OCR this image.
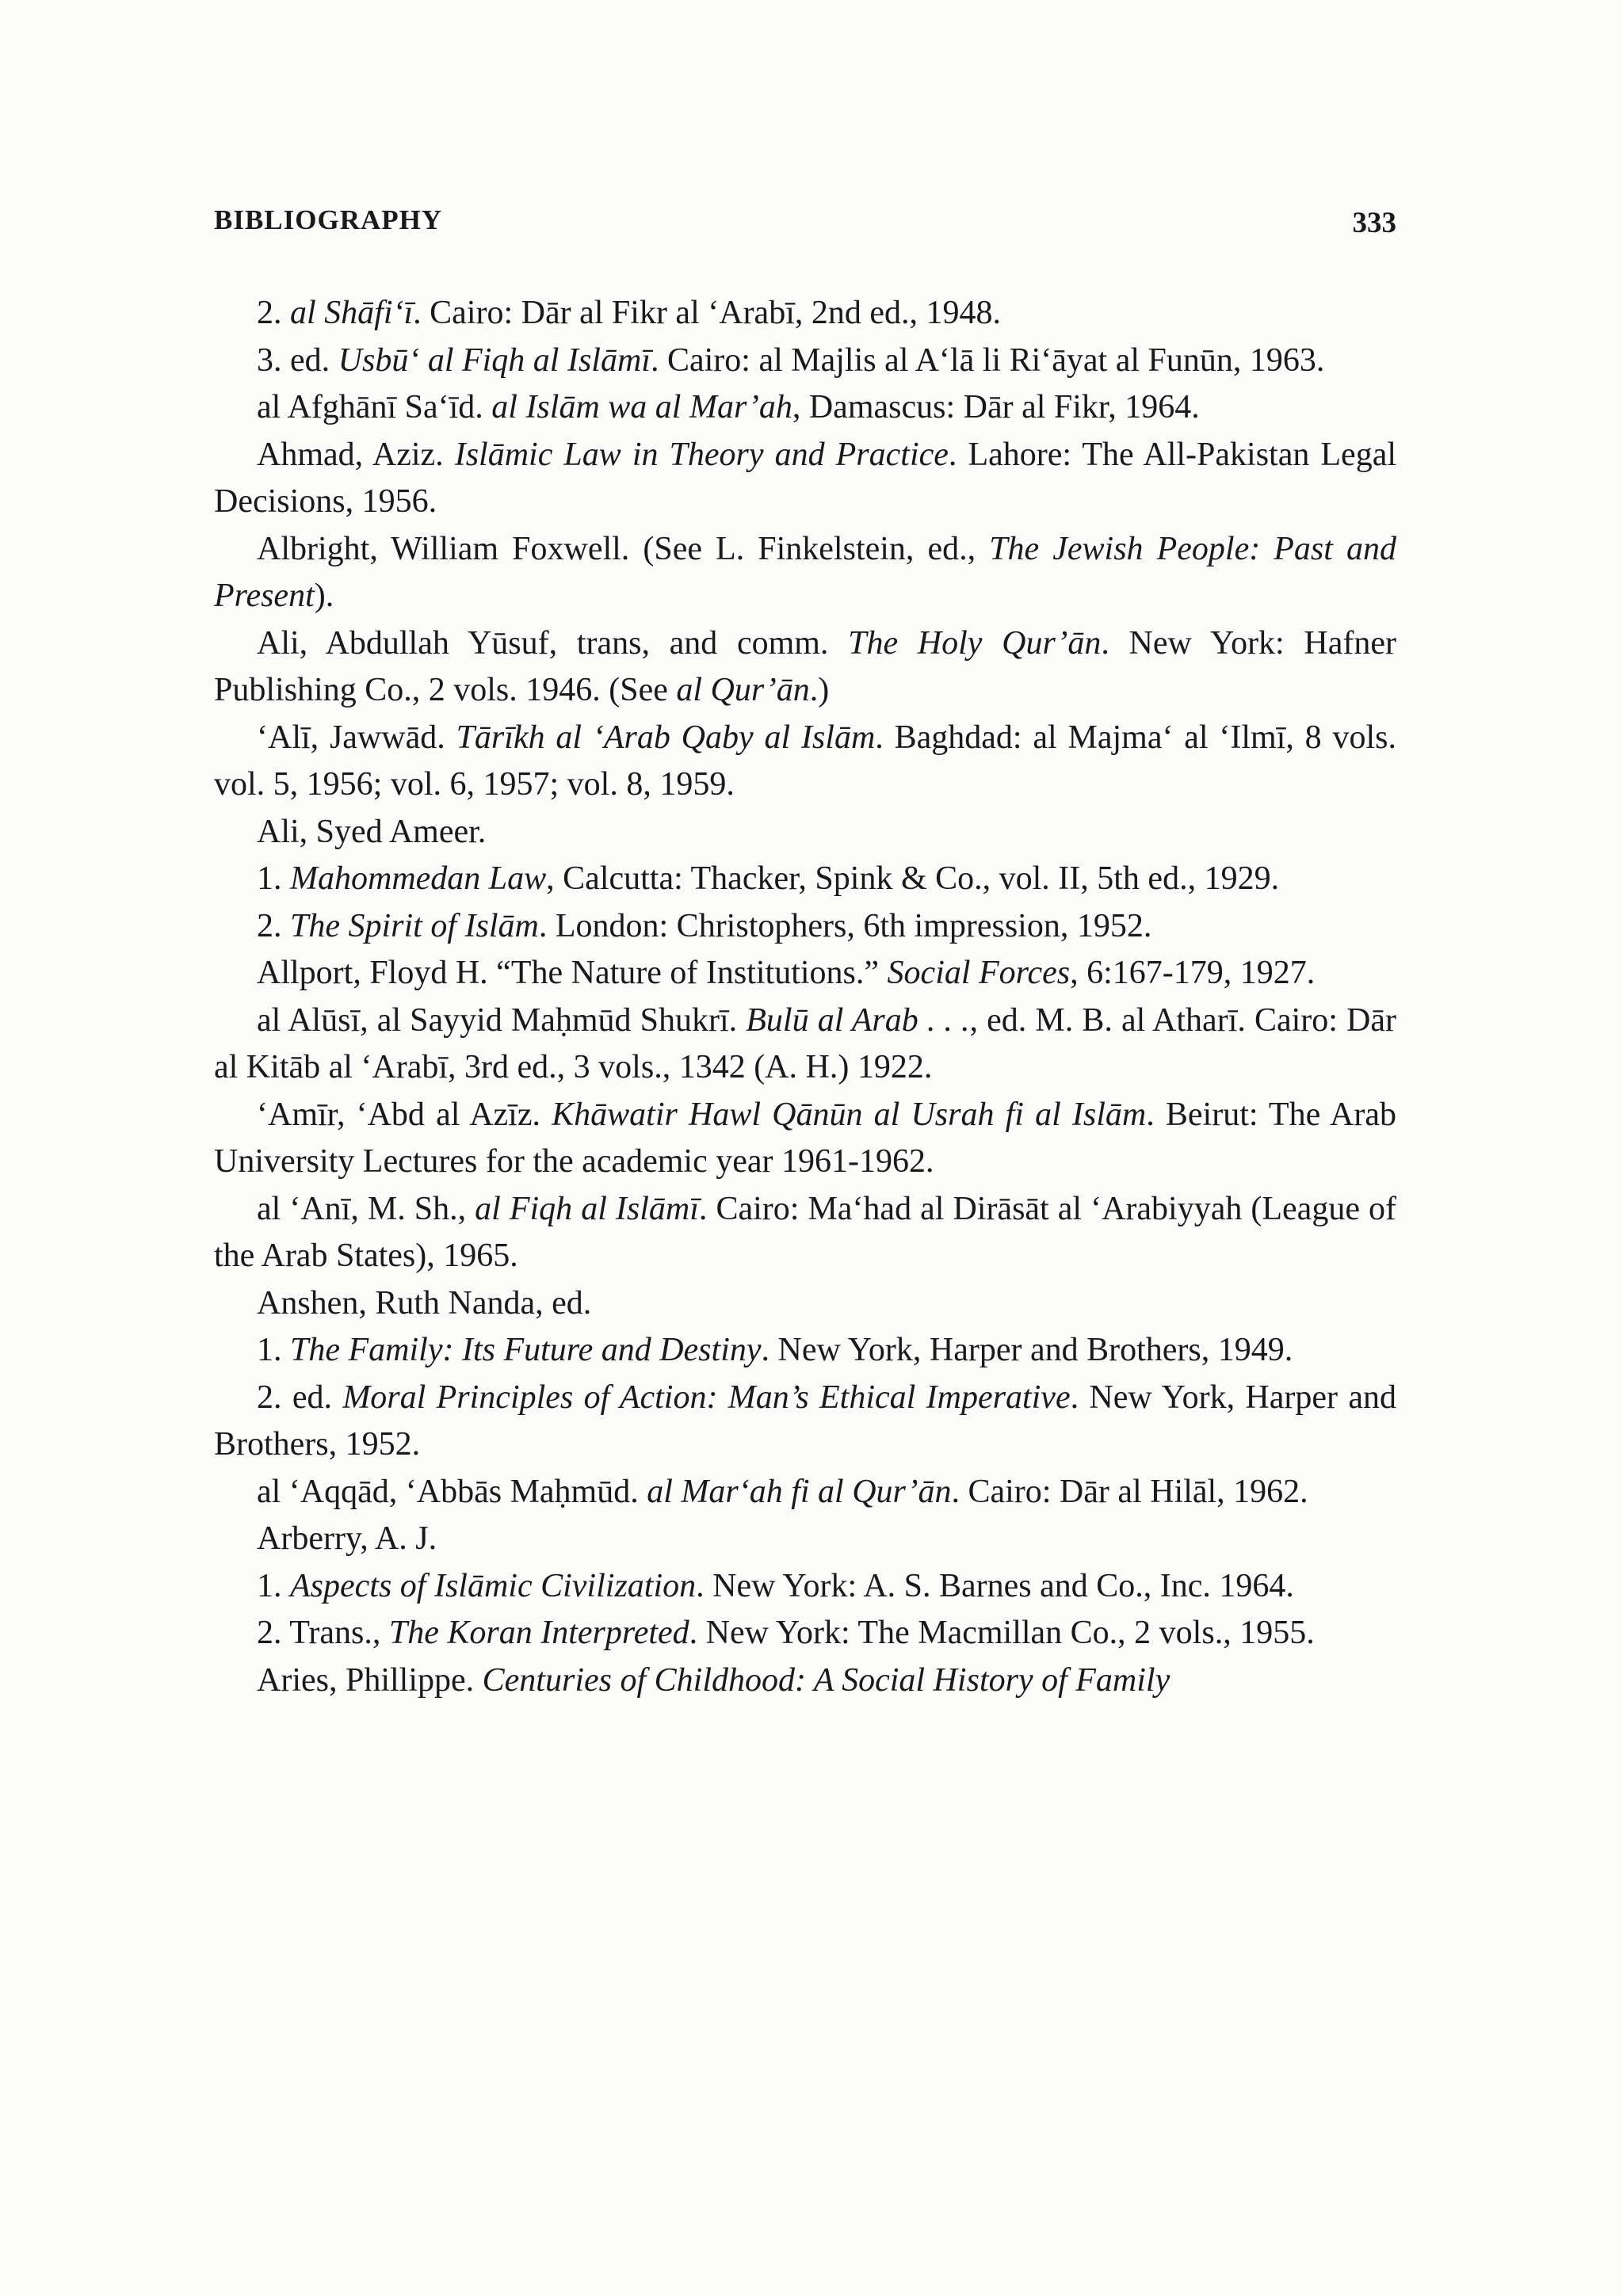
BIBLIOGRAPHY	333

2. al Shāfi‘ī. Cairo: Dār al Fikr al ‘Arabī, 2nd ed., 1948.

3. ed. Usbū‘ al Fiqh al Islāmī. Cairo: al Majlis al A‘lā li Ri‘āyat al Funūn, 1963.

al Afghānī Sa‘īd. al Islām wa al Mar’ah, Damascus: Dār al Fikr, 1964.

Ahmad, Aziz. Islāmic Law in Theory and Practice. Lahore: The All-Pakistan Legal Decisions, 1956.

Albright, William Foxwell. (See L. Finkelstein, ed., The Jewish People: Past and Present).

Ali, Abdullah Yūsuf, trans, and comm. The Holy Qur’ān. New York: Hafner Publishing Co., 2 vols. 1946. (See al Qur’ān.)

‘Alī, Jawwād. Tārīkh al ‘Arab Qaby al Islām. Baghdad: al Majma‘ al ‘Ilmī, 8 vols. vol. 5, 1956; vol. 6, 1957; vol. 8, 1959.

Ali, Syed Ameer.

1. Mahommedan Law, Calcutta: Thacker, Spink & Co., vol. II, 5th ed., 1929.

2. The Spirit of Islām. London: Christophers, 6th impression, 1952.

Allport, Floyd H. “The Nature of Institutions.” Social Forces, 6:167-179, 1927.

al Alūsī, al Sayyid Maḥmūd Shukrī. Bulū al Arab . . ., ed. M. B. al Atharī. Cairo: Dār al Kitāb al ‘Arabī, 3rd ed., 3 vols., 1342 (A. H.) 1922.

‘Amīr, ‘Abd al Azīz. Khāwatir Hawl Qānūn al Usrah fi al Islām. Beirut: The Arab University Lectures for the academic year 1961-1962.

al ‘Anī, M. Sh., al Fiqh al Islāmī. Cairo: Ma‘had al Dirāsāt al ‘Arabiyyah (League of the Arab States), 1965.

Anshen, Ruth Nanda, ed.

1. The Family: Its Future and Destiny. New York, Harper and Brothers, 1949.

2. ed. Moral Principles of Action: Man’s Ethical Imperative. New York, Harper and Brothers, 1952.

al ‘Aqqād, ‘Abbās Maḥmūd. al Mar‘ah fi al Qur’ān. Cairo: Dār al Hilāl, 1962.

Arberry, A. J.

1. Aspects of Islāmic Civilization. New York: A. S. Barnes and Co., Inc. 1964.

2. Trans., The Koran Interpreted. New York: The Macmillan Co., 2 vols., 1955.

Aries, Phillippe. Centuries of Childhood: A Social History of Family
